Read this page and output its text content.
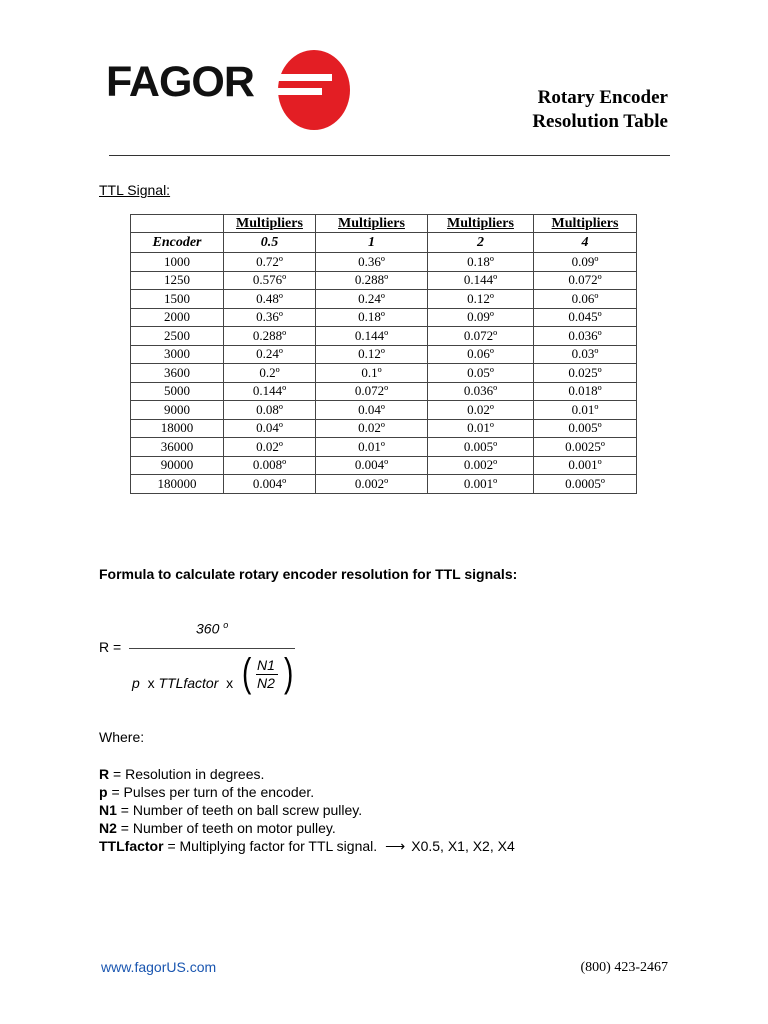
FAGOR	Rotary Encoder
Resolution Table
TTL Signal:
	Multipliers	Multipliers	Multipliers	Multipliers
Encoder	0.5	1	2	4
1000	0.72º	0.36º	0.18º	0.09º
1250	0.576º	0.288º	0.144º	0.072º
1500	0.48º	0.24º	0.12º	0.06º
2000	0.36º	0.18º	0.09º	0.045º
2500	0.288º	0.144º	0.072º	0.036º
3000	0.24º	0.12º	0.06º	0.03º
3600	0.2º	0.1º	0.05º	0.025º
5000	0.144º	0.072º	0.036º	0.018º
9000	0.08º	0.04º	0.02º	0.01º
18000	0.04º	0.02º	0.01º	0.005º
36000	0.02º	0.01º	0.005º	0.0025º
90000	0.008º	0.004º	0.002º	0.001º
180000	0.004º	0.002º	0.001º	0.0005º
Formula to calculate rotary encoder resolution for TTL signals:
360 $^o$
R =
p x TTLfactor x ( )
N1
N2
Where:
R = Resolution in degrees.
p = Pulses per turn of the encoder.
N1 = Number of teeth on ball screw pulley.
N2 = Number of teeth on motor pulley.
TTLfactor = Multiplying factor for TTL signal. ⟶ X0.5, X1, X2, X4
www.fagorUS.com	(800) 423-2467
